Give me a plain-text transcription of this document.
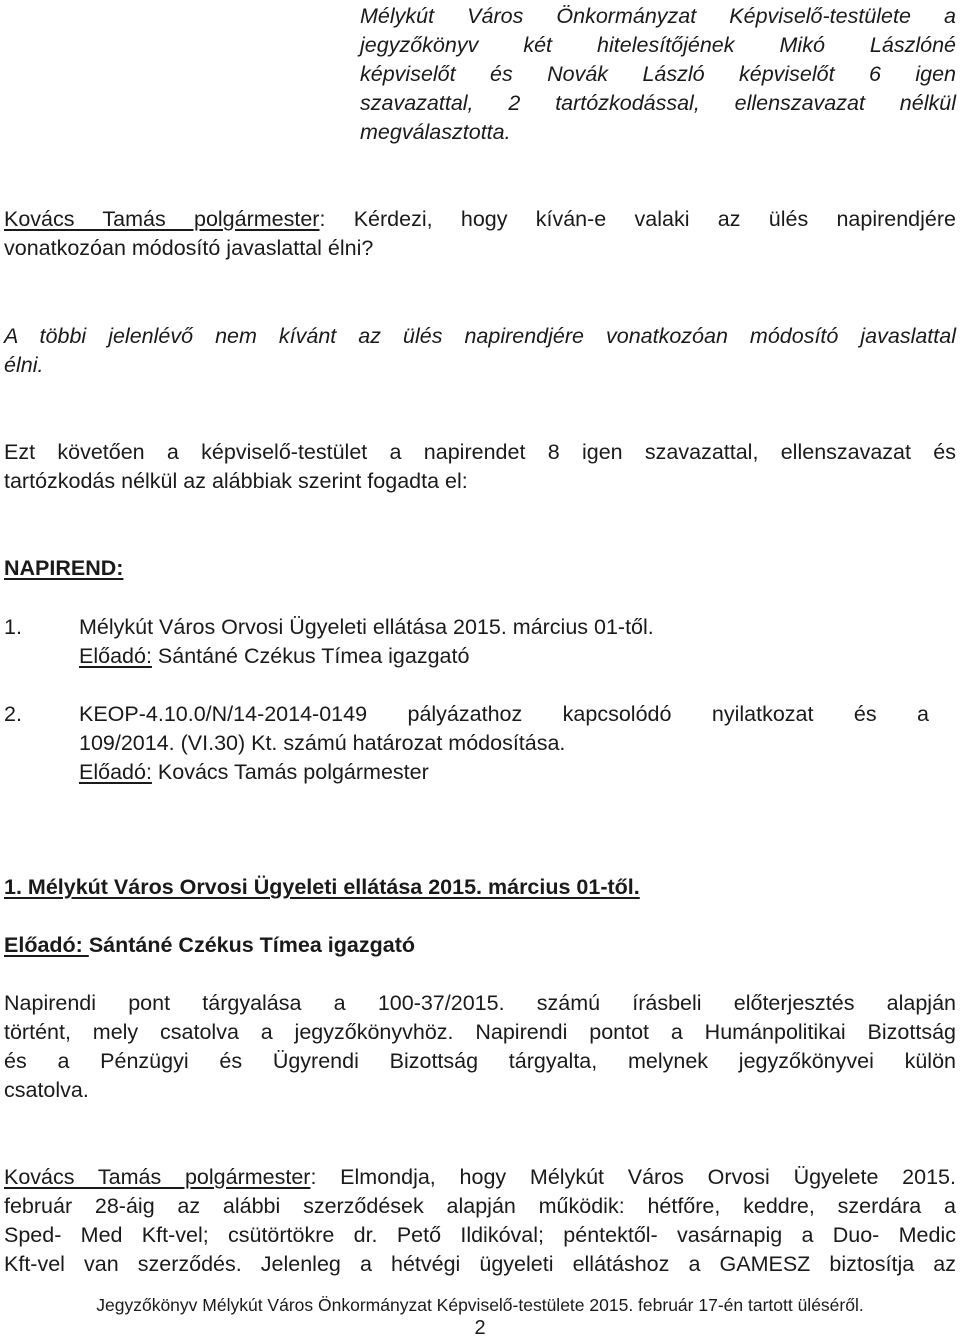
Mélykút Város Önkormányzat Képviselő-testülete a
jegyzőkönyv két hitelesítőjének Mikó Lászlóné
képviselőt és Novák László képviselőt 6 igen
szavazattal, 2 tartózkodással, ellenszavazat nélkül
megválasztotta.
Kovács Tamás polgármester: Kérdezi, hogy kíván-e valaki az ülés napirendjére
vonatkozóan módosító javaslattal élni?
A többi jelenlévő nem kívánt az ülés napirendjére vonatkozóan módosító javaslattal
élni.
Ezt követően a képviselő-testület a napirendet 8 igen szavazattal, ellenszavazat és
tartózkodás nélkül az alábbiak szerint fogadta el:
NAPIREND:
1.	Mélykút Város Orvosi Ügyeleti ellátása 2015. március 01-től.
Előadó: Sántáné Czékus Tímea igazgató
2.	KEOP-4.10.0/N/14-2014-0149 pályázathoz kapcsolódó nyilatkozat és a
109/2014. (VI.30) Kt. számú határozat módosítása.
Előadó: Kovács Tamás polgármester
1. Mélykút Város Orvosi Ügyeleti ellátása 2015. március 01-től.
Előadó: Sántáné Czékus Tímea igazgató
Napirendi pont tárgyalása a 100-37/2015. számú írásbeli előterjesztés alapján
történt, mely csatolva a jegyzőkönyvhöz. Napirendi pontot a Humánpolitikai Bizottság
és a Pénzügyi és Ügyrendi Bizottság tárgyalta, melynek jegyzőkönyvei külön
csatolva.
Kovács Tamás polgármester: Elmondja, hogy Mélykút Város Orvosi Ügyelete 2015.
február 28-áig az alábbi szerződések alapján működik: hétfőre, keddre, szerdára a
Sped- Med Kft-vel; csütörtökre dr. Pető Ildikóval; péntektől- vasárnapig a Duo- Medic
Kft-vel van szerződés. Jelenleg a hétvégi ügyeleti ellátáshoz a GAMESZ biztosítja az
Jegyzőkönyv Mélykút Város Önkormányzat Képviselő-testülete 2015. február 17-én tartott üléséről.
2
